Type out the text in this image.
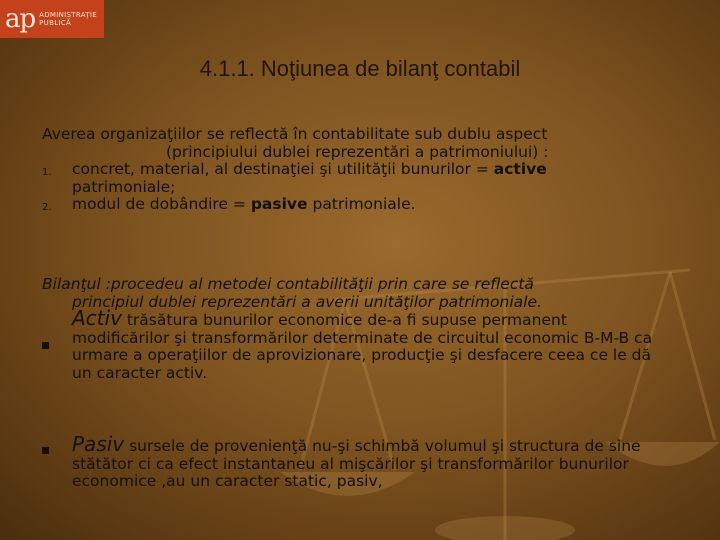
ap ADMINISTRAȚIE
PUBLICĂ
4.1.1. Noţiunea de bilanţ contabil
Averea organizaţiilor se reflectă în contabilitate sub dublu aspect
(principiului dublei reprezentări a patrimoniului) :
1.	concret, material, al destinaţiei şi utilităţii bunurilor = active
patrimoniale;
2.	modul de dobândire = pasive patrimoniale.
Bilanţul :procedeu al metodei contabilităţii prin care se reflectă
principiul dublei reprezentări a averii unităţilor patrimoniale.
Activ trăsătura bunurilor economice de-a fi supuse permanent
modificărilor şi transformărilor determinate de circuitul economic B-M-B ca
urmare a operaţiilor de aprovizionare, producţie şi desfacere ceea ce le dă
un caracter activ.
Pasiv sursele de provenienţă nu-şi schimbă volumul şi structura de sine
stătător ci ca efect instantaneu al mişcărilor şi transformărilor bunurilor
economice ,au un caracter static, pasiv,
